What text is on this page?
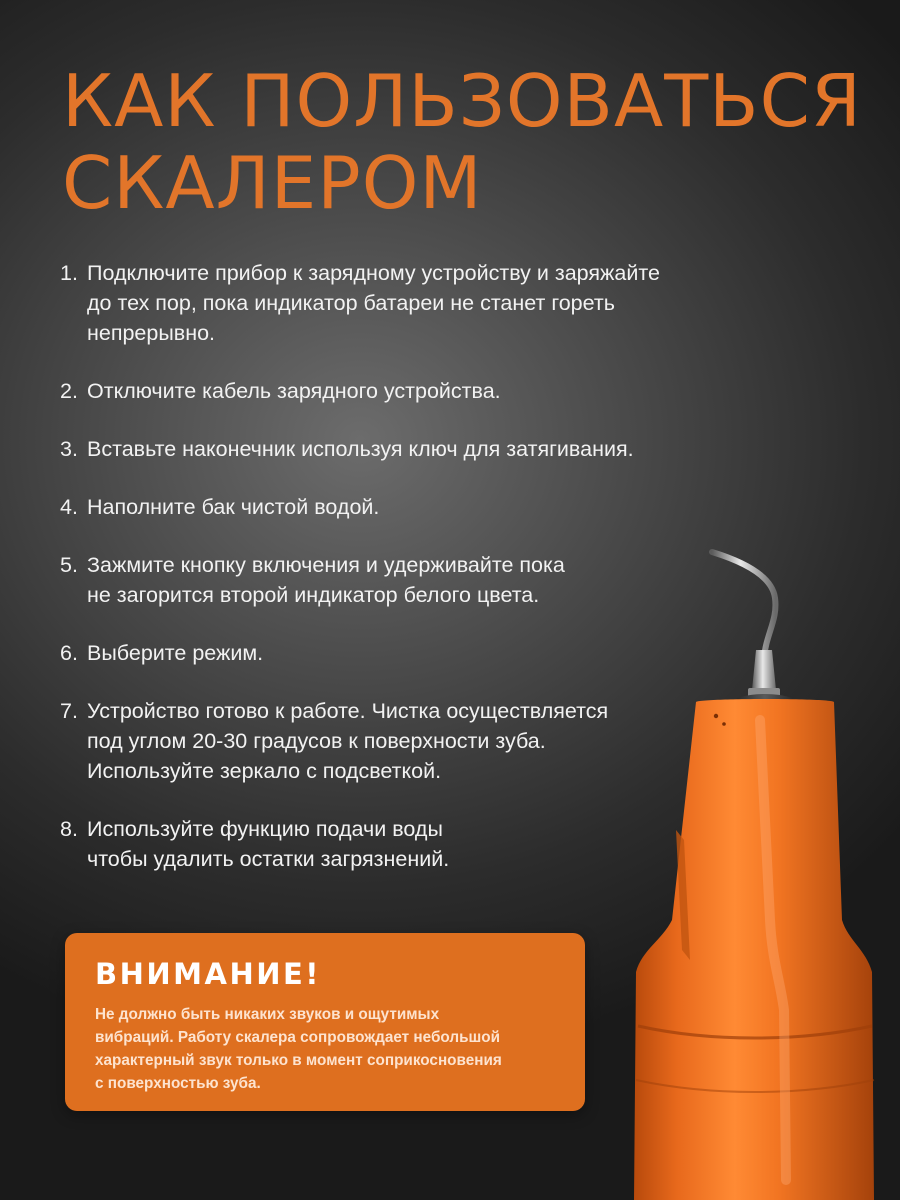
КАК ПОЛЬЗОВАТЬСЯ
СКАЛЕРОМ
1. Подключите прибор к зарядному устройству и заряжайте
до тех пор, пока индикатор батареи не станет гореть
непрерывно.
2. Отключите кабель зарядного устройства.
3. Вставьте наконечник используя ключ для затягивания.
4. Наполните бак чистой водой.
5. Зажмите кнопку включения и удерживайте пока
не загорится второй индикатор белого цвета.
6. Выберите режим.
7. Устройство готово к работе. Чистка осуществляется
под углом 20-30 градусов к поверхности зуба.
Используйте зеркало с подсветкой.
8. Используйте функцию подачи воды
чтобы удалить остатки загрязнений.
ВНИМАНИЕ!

Не должно быть никаких звуков и ощутимых
вибраций. Работу скалера сопровождает небольшой
характерный звук только в момент соприкосновения
с поверхностью зуба.
